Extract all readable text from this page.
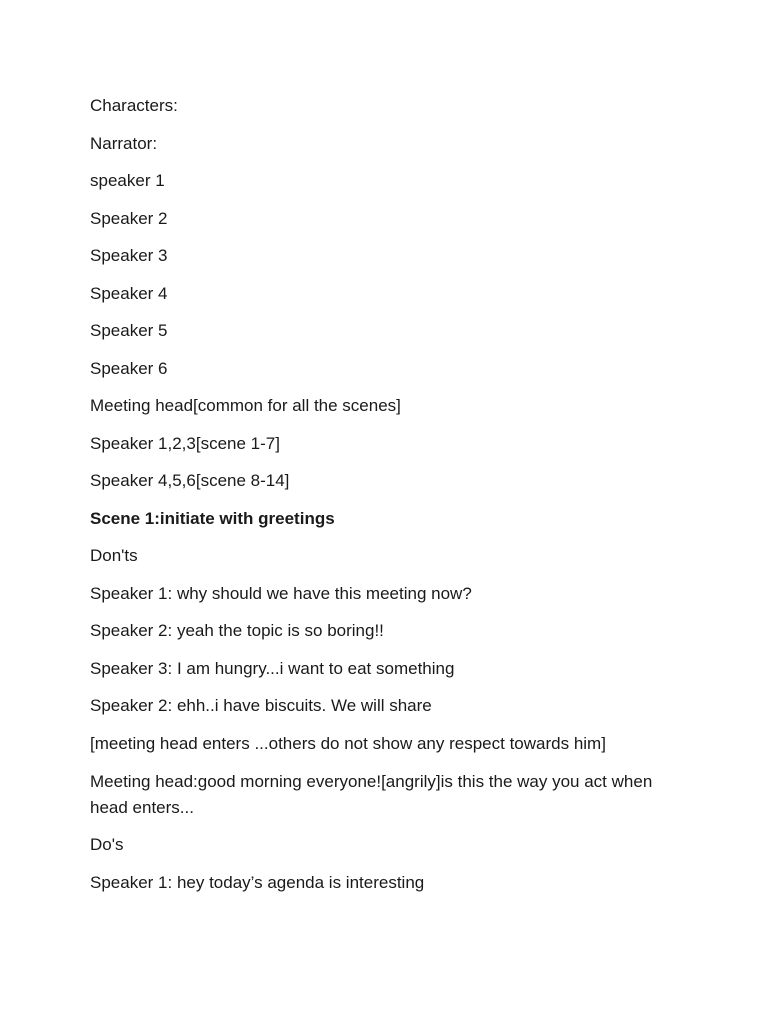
Characters:
Narrator:
speaker 1
Speaker 2
Speaker 3
Speaker 4
Speaker 5
Speaker 6
Meeting head[common for all the scenes]
Speaker 1,2,3[scene 1-7]
Speaker 4,5,6[scene 8-14]
Scene 1:initiate with greetings
Don'ts
Speaker 1: why should we have this meeting now?
Speaker 2: yeah the topic is so boring!!
Speaker 3: I am hungry...i want to eat something
Speaker 2: ehh..i have biscuits. We will share
[meeting head enters ...others do not show any respect towards him]
Meeting head:good morning everyone![angrily]is this the way you act when head enters...
Do's
Speaker 1: hey today’s agenda is interesting
